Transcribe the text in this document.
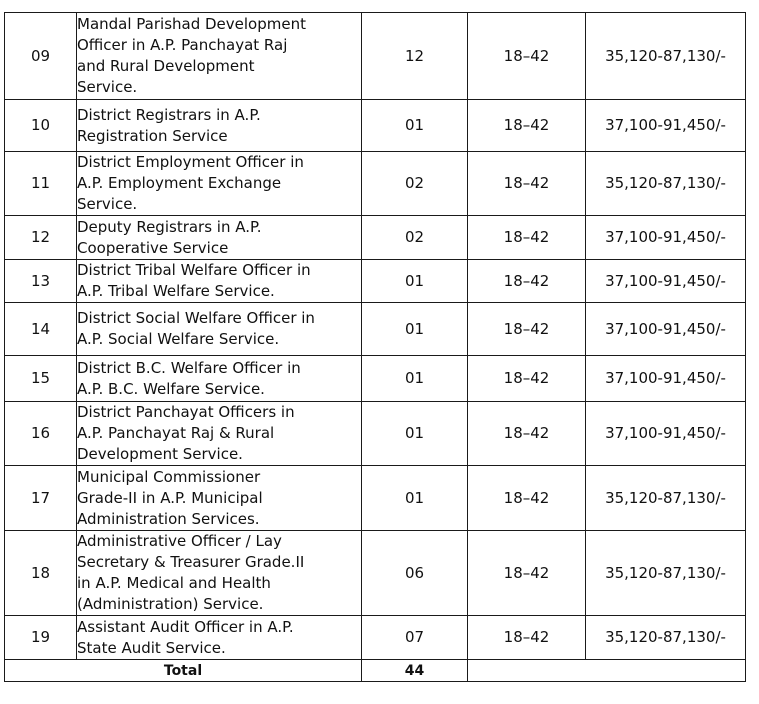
09	Mandal Parishad Development
Officer in A.P. Panchayat Raj
and Rural Development
Service.	12	18–42	35,120-87,130/-
10	District Registrars in A.P.
Registration Service	01	18–42	37,100-91,450/-
11	District Employment Officer in
A.P. Employment Exchange
Service.	02	18–42	35,120-87,130/-
12	Deputy Registrars in A.P.
Cooperative Service	02	18–42	37,100-91,450/-
13	District Tribal Welfare Officer in
A.P. Tribal Welfare Service.	01	18–42	37,100-91,450/-
14	District Social Welfare Officer in
A.P. Social Welfare Service.	01	18–42	37,100-91,450/-
15	District B.C. Welfare Officer in
A.P. B.C. Welfare Service.	01	18–42	37,100-91,450/-
16	District Panchayat Officers in
A.P. Panchayat Raj & Rural
Development Service.	01	18–42	37,100-91,450/-
17	Municipal Commissioner
Grade-II in A.P. Municipal
Administration Services.	01	18–42	35,120-87,130/-
18	Administrative Officer / Lay
Secretary & Treasurer Grade.II
in A.P. Medical and Health
(Administration) Service.	06	18–42	35,120-87,130/-
19	Assistant Audit Officer in A.P.
State Audit Service.	07	18–42	35,120-87,130/-
Total		44		
